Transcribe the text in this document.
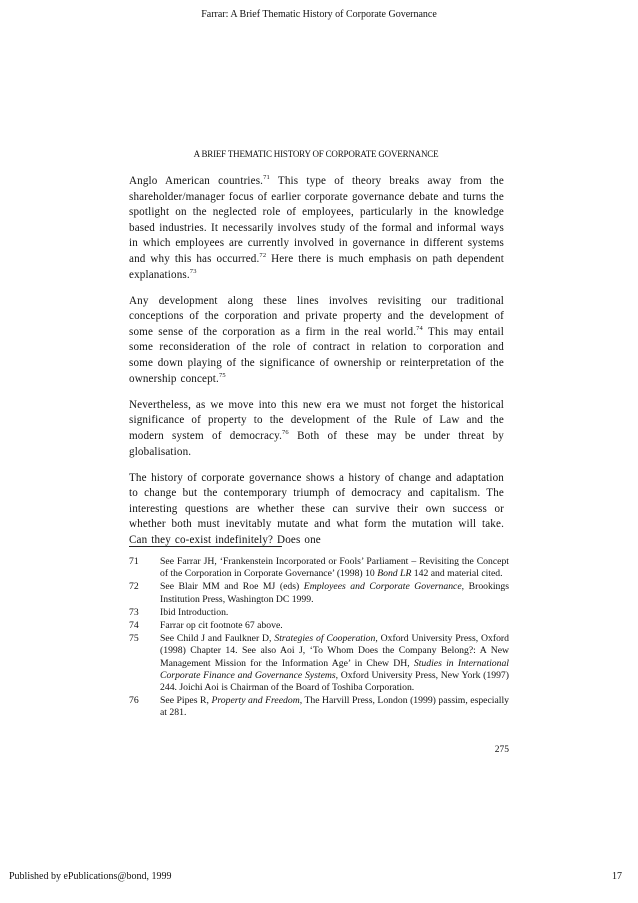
Farrar: A Brief Thematic History of Corporate Governance
A BRIEF THEMATIC HISTORY OF CORPORATE GOVERNANCE

Anglo American countries.$^{71}$ This type of theory breaks away from the shareholder/manager focus of earlier corporate governance debate and turns the spotlight on the neglected role of employees, particularly in the knowledge based industries. It necessarily involves study of the formal and informal ways in which employees are currently involved in governance in different systems and why this has occurred.$^{72}$ Here there is much emphasis on path dependent explanations.$^{73}$

Any development along these lines involves revisiting our traditional conceptions of the corporation and private property and the development of some sense of the corporation as a firm in the real world.$^{74}$ This may entail some reconsideration of the role of contract in relation to corporation and some down playing of the significance of ownership or reinterpretation of the ownership concept.$^{75}$

Nevertheless, as we move into this new era we must not forget the historical significance of property to the development of the Rule of Law and the modern system of democracy.$^{76}$ Both of these may be under threat by globalisation.

The history of corporate governance shows a history of change and adaptation to change but the contemporary triumph of democracy and capitalism. The interesting questions are whether these can survive their own success or whether both must inevitably mutate and what form the mutation will take. Can they co-exist indefinitely? Does one

71	See Farrar JH, ‘Frankenstein Incorporated or Fools’ Parliament – Revisiting the Concept of the Corporation in Corporate Governance’ (1998) 10 Bond LR 142 and material cited.
72	See Blair MM and Roe MJ (eds) Employees and Corporate Governance, Brookings Institution Press, Washington DC 1999.
73	Ibid Introduction.
74	Farrar op cit footnote 67 above.
75	See Child J and Faulkner D, Strategies of Cooperation, Oxford University Press, Oxford (1998) Chapter 14. See also Aoi J, ‘To Whom Does the Company Belong?: A New Management Mission for the Information Age’ in Chew DH, Studies in International Corporate Finance and Governance Systems, Oxford University Press, New York (1997) 244. Joichi Aoi is Chairman of the Board of Toshiba Corporation.
76	See Pipes R, Property and Freedom, The Harvill Press, London (1999) passim, especially at 281.
275
Published by ePublications@bond, 1999	17
